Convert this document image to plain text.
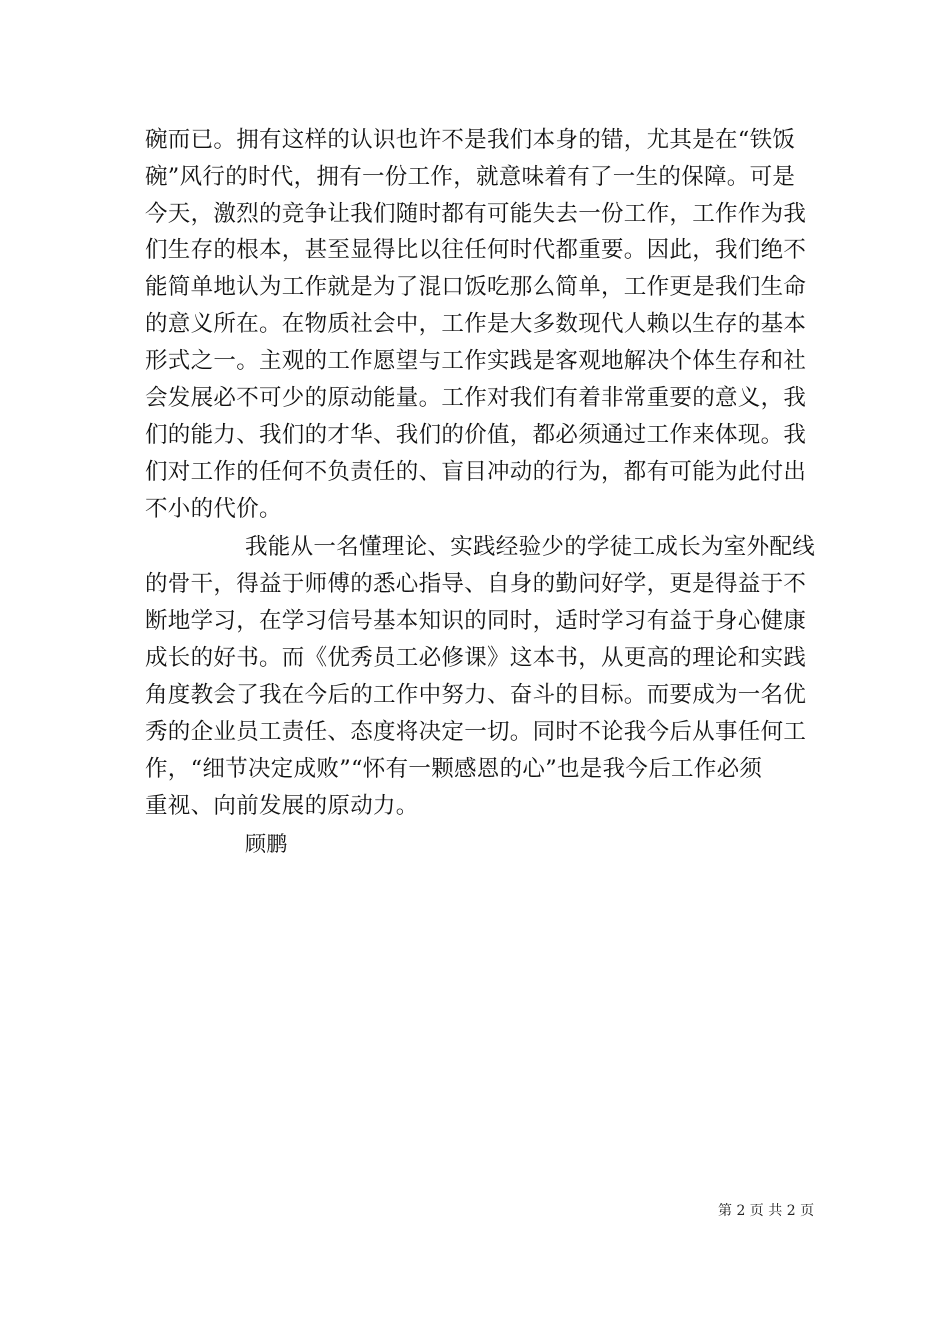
碗而已。拥有这样的认识也许不是我们本身的错，尤其是在“铁饭
碗”风行的时代，拥有一份工作，就意味着有了一生的保障。可是
今天，激烈的竞争让我们随时都有可能失去一份工作，工作作为我
们生存的根本，甚至显得比以往任何时代都重要。因此，我们绝不
能简单地认为工作就是为了混口饭吃那么简单，工作更是我们生命
的意义所在。在物质社会中，工作是大多数现代人赖以生存的基本
形式之一。主观的工作愿望与工作实践是客观地解决个体生存和社
会发展必不可少的原动能量。工作对我们有着非常重要的意义，我
们的能力、我们的才华、我们的价值，都必须通过工作来体现。我
们对工作的任何不负责任的、盲目冲动的行为，都有可能为此付出
不小的代价。
我能从一名懂理论、实践经验少的学徒工成长为室外配线
的骨干，得益于师傅的悉心指导、自身的勤问好学，更是得益于不
断地学习，在学习信号基本知识的同时，适时学习有益于身心健康
成长的好书。而《优秀员工必修课》这本书，从更高的理论和实践
角度教会了我在今后的工作中努力、奋斗的目标。而要成为一名优
秀的企业员工责任、态度将决定一切。同时不论我今后从事任何工
作，“细节决定成败”“怀有一颗感恩的心”也是我今后工作必须
重视、向前发展的原动力。
顾鹏
第 2 页 共 2 页
